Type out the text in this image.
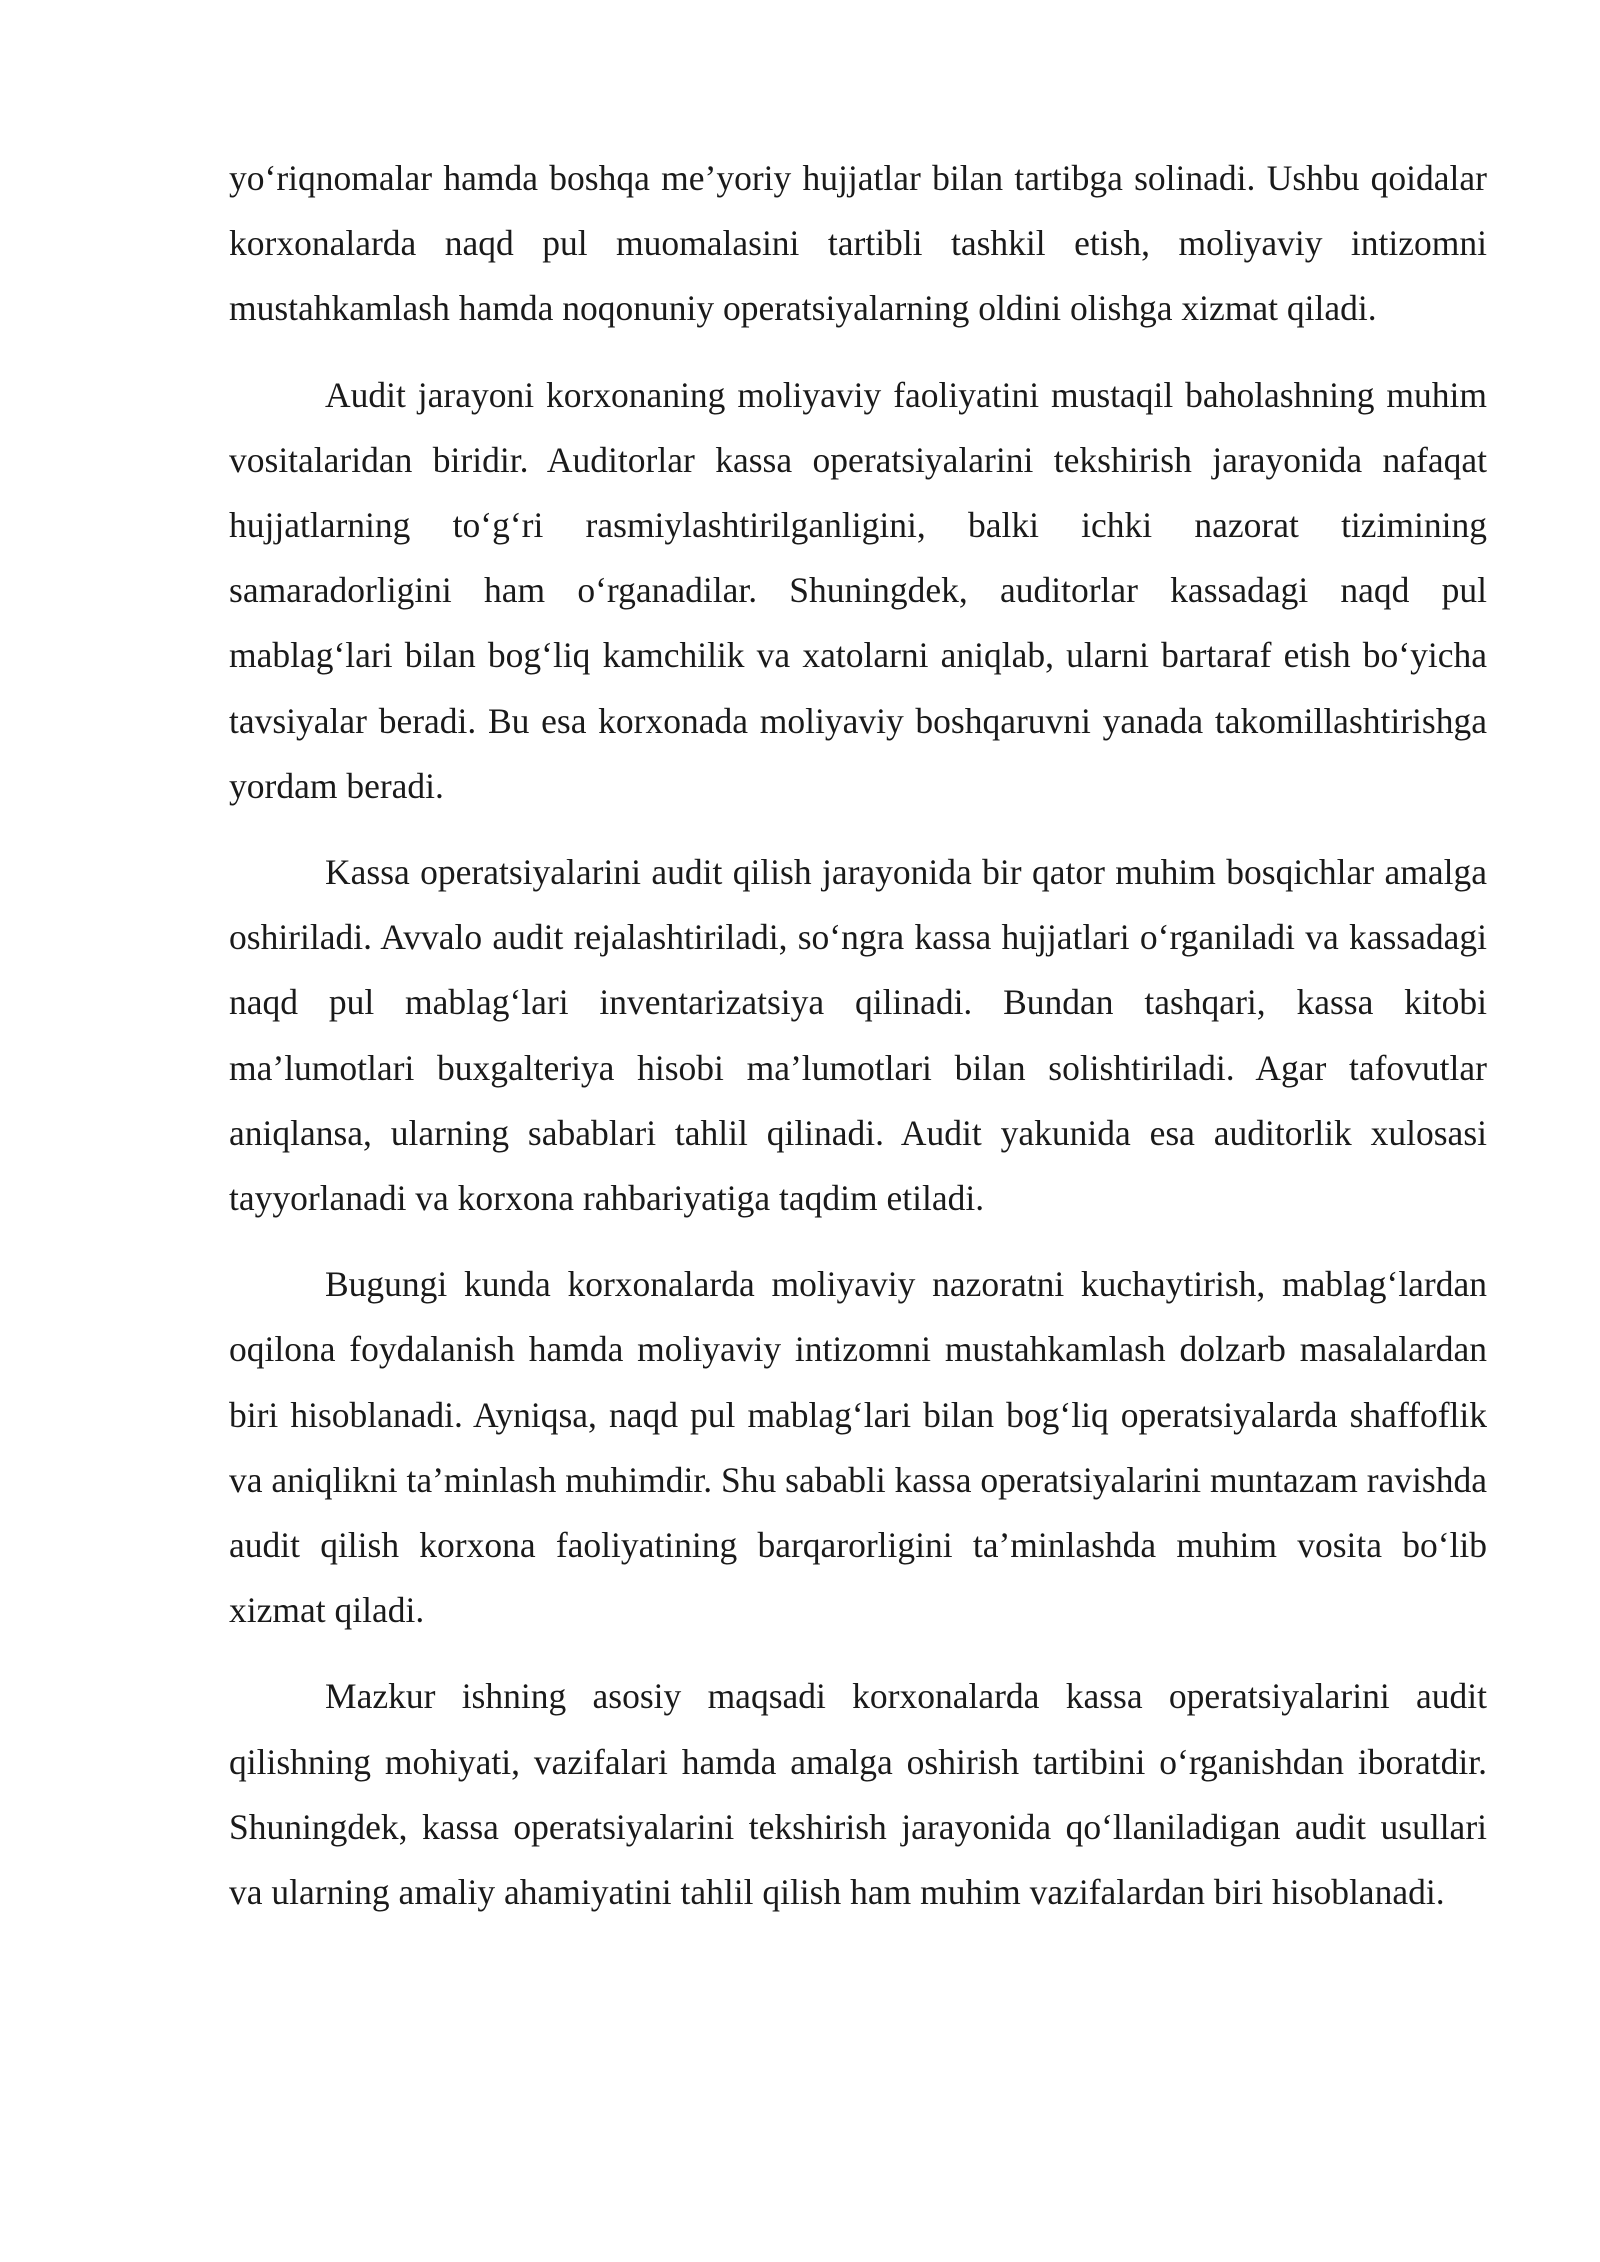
yo‘riqnomalar hamda boshqa me’yoriy hujjatlar bilan tartibga solinadi. Ushbu qoidalar korxonalarda naqd pul muomalasini tartibli tashkil etish, moliyaviy intizomni mustahkamlash hamda noqonuniy operatsiyalarning oldini olishga xizmat qiladi.

Audit jarayoni korxonaning moliyaviy faoliyatini mustaqil baholashning muhim vositalaridan biridir. Auditorlar kassa operatsiyalarini tekshirish jarayonida nafaqat hujjatlarning to‘g‘ri rasmiylashtirilganligini, balki ichki nazorat tizimining samaradorligini ham o‘rganadilar. Shuningdek, auditorlar kassadagi naqd pul mablag‘lari bilan bog‘liq kamchilik va xatolarni aniqlab, ularni bartaraf etish bo‘yicha tavsiyalar beradi. Bu esa korxonada moliyaviy boshqaruvni yanada takomillashtirishga yordam beradi.

Kassa operatsiyalarini audit qilish jarayonida bir qator muhim bosqichlar amalga oshiriladi. Avvalo audit rejalashtiriladi, so‘ngra kassa hujjatlari o‘rganiladi va kassadagi naqd pul mablag‘lari inventarizatsiya qilinadi. Bundan tashqari, kassa kitobi ma’lumotlari buxgalteriya hisobi ma’lumotlari bilan solishtiriladi. Agar tafovutlar aniqlansa, ularning sabablari tahlil qilinadi. Audit yakunida esa auditorlik xulosasi tayyorlanadi va korxona rahbariyatiga taqdim etiladi.

Bugungi kunda korxonalarda moliyaviy nazoratni kuchaytirish, mablag‘lardan oqilona foydalanish hamda moliyaviy intizomni mustahkamlash dolzarb masalalardan biri hisoblanadi. Ayniqsa, naqd pul mablag‘lari bilan bog‘liq operatsiyalarda shaffoflik va aniqlikni ta’minlash muhimdir. Shu sababli kassa operatsiyalarini muntazam ravishda audit qilish korxona faoliyatining barqarorligini ta’minlashda muhim vosita bo‘lib xizmat qiladi.

Mazkur ishning asosiy maqsadi korxonalarda kassa operatsiyalarini audit qilishning mohiyati, vazifalari hamda amalga oshirish tartibini o‘rganishdan iboratdir. Shuningdek, kassa operatsiyalarini tekshirish jarayonida qo‘llaniladigan audit usullari va ularning amaliy ahamiyatini tahlil qilish ham muhim vazifalardan biri hisoblanadi.
